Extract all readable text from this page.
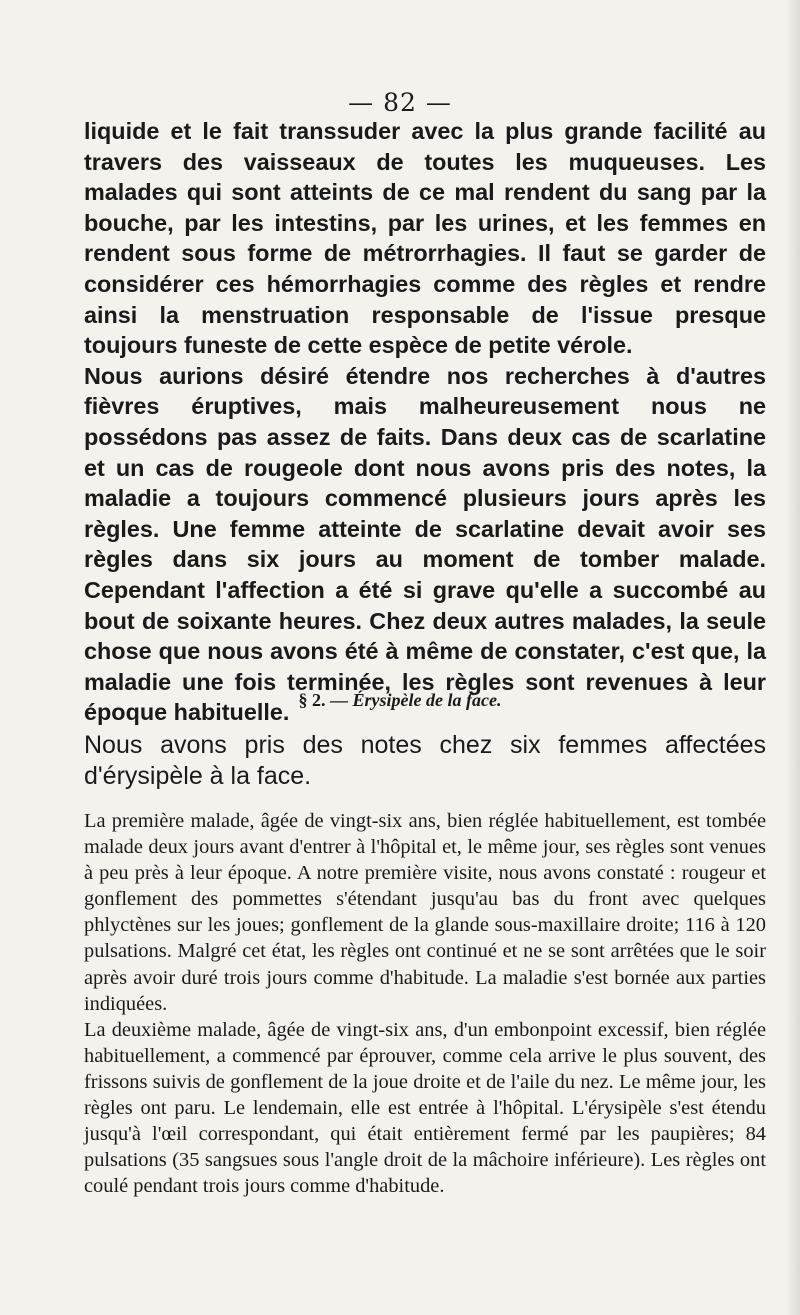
— 82 —

liquide et le fait transsuder avec la plus grande facilité au travers des vaisseaux de toutes les muqueuses. Les malades qui sont atteints de ce mal rendent du sang par la bouche, par les intestins, par les urines, et les femmes en rendent sous forme de métrorrhagies. Il faut se garder de considérer ces hémorrhagies comme des règles et rendre ainsi la menstruation responsable de l'issue presque toujours funeste de cette espèce de petite vérole.

Nous aurions désiré étendre nos recherches à d'autres fièvres éruptives, mais malheureusement nous ne possédons pas assez de faits. Dans deux cas de scarlatine et un cas de rougeole dont nous avons pris des notes, la maladie a toujours commencé plusieurs jours après les règles. Une femme atteinte de scarlatine devait avoir ses règles dans six jours au moment de tomber malade. Cependant l'affection a été si grave qu'elle a succombé au bout de soixante heures. Chez deux autres malades, la seule chose que nous avons été à même de constater, c'est que, la maladie une fois terminée, les règles sont revenues à leur époque habituelle. § 2. — Érysipèle de la face.

Nous avons pris des notes chez six femmes affectées d'érysipèle à la face.

La première malade, âgée de vingt-six ans, bien réglée habituellement, est tombée malade deux jours avant d'entrer à l'hôpital et, le même jour, ses règles sont venues à peu près à leur époque. A notre première visite, nous avons constaté : rougeur et gonflement des pommettes s'étendant jusqu'au bas du front avec quelques phlyctènes sur les joues; gonflement de la glande sous-maxillaire droite; 116 à 120 pulsations. Malgré cet état, les règles ont continué et ne se sont arrêtées que le soir après avoir duré trois jours comme d'habitude. La maladie s'est bornée aux parties indiquées.

La deuxième malade, âgée de vingt-six ans, d'un embonpoint excessif, bien réglée habituellement, a commencé par éprouver, comme cela arrive le plus souvent, des frissons suivis de gonflement de la joue droite et de l'aile du nez. Le même jour, les règles ont paru. Le lendemain, elle est entrée à l'hôpital. L'érysipèle s'est étendu jusqu'à l'œil correspondant, qui était entièrement fermé par les paupières; 84 pulsations (35 sangsues sous l'angle droit de la mâchoire inférieure). Les règles ont coulé pendant trois jours comme d'habitude.
